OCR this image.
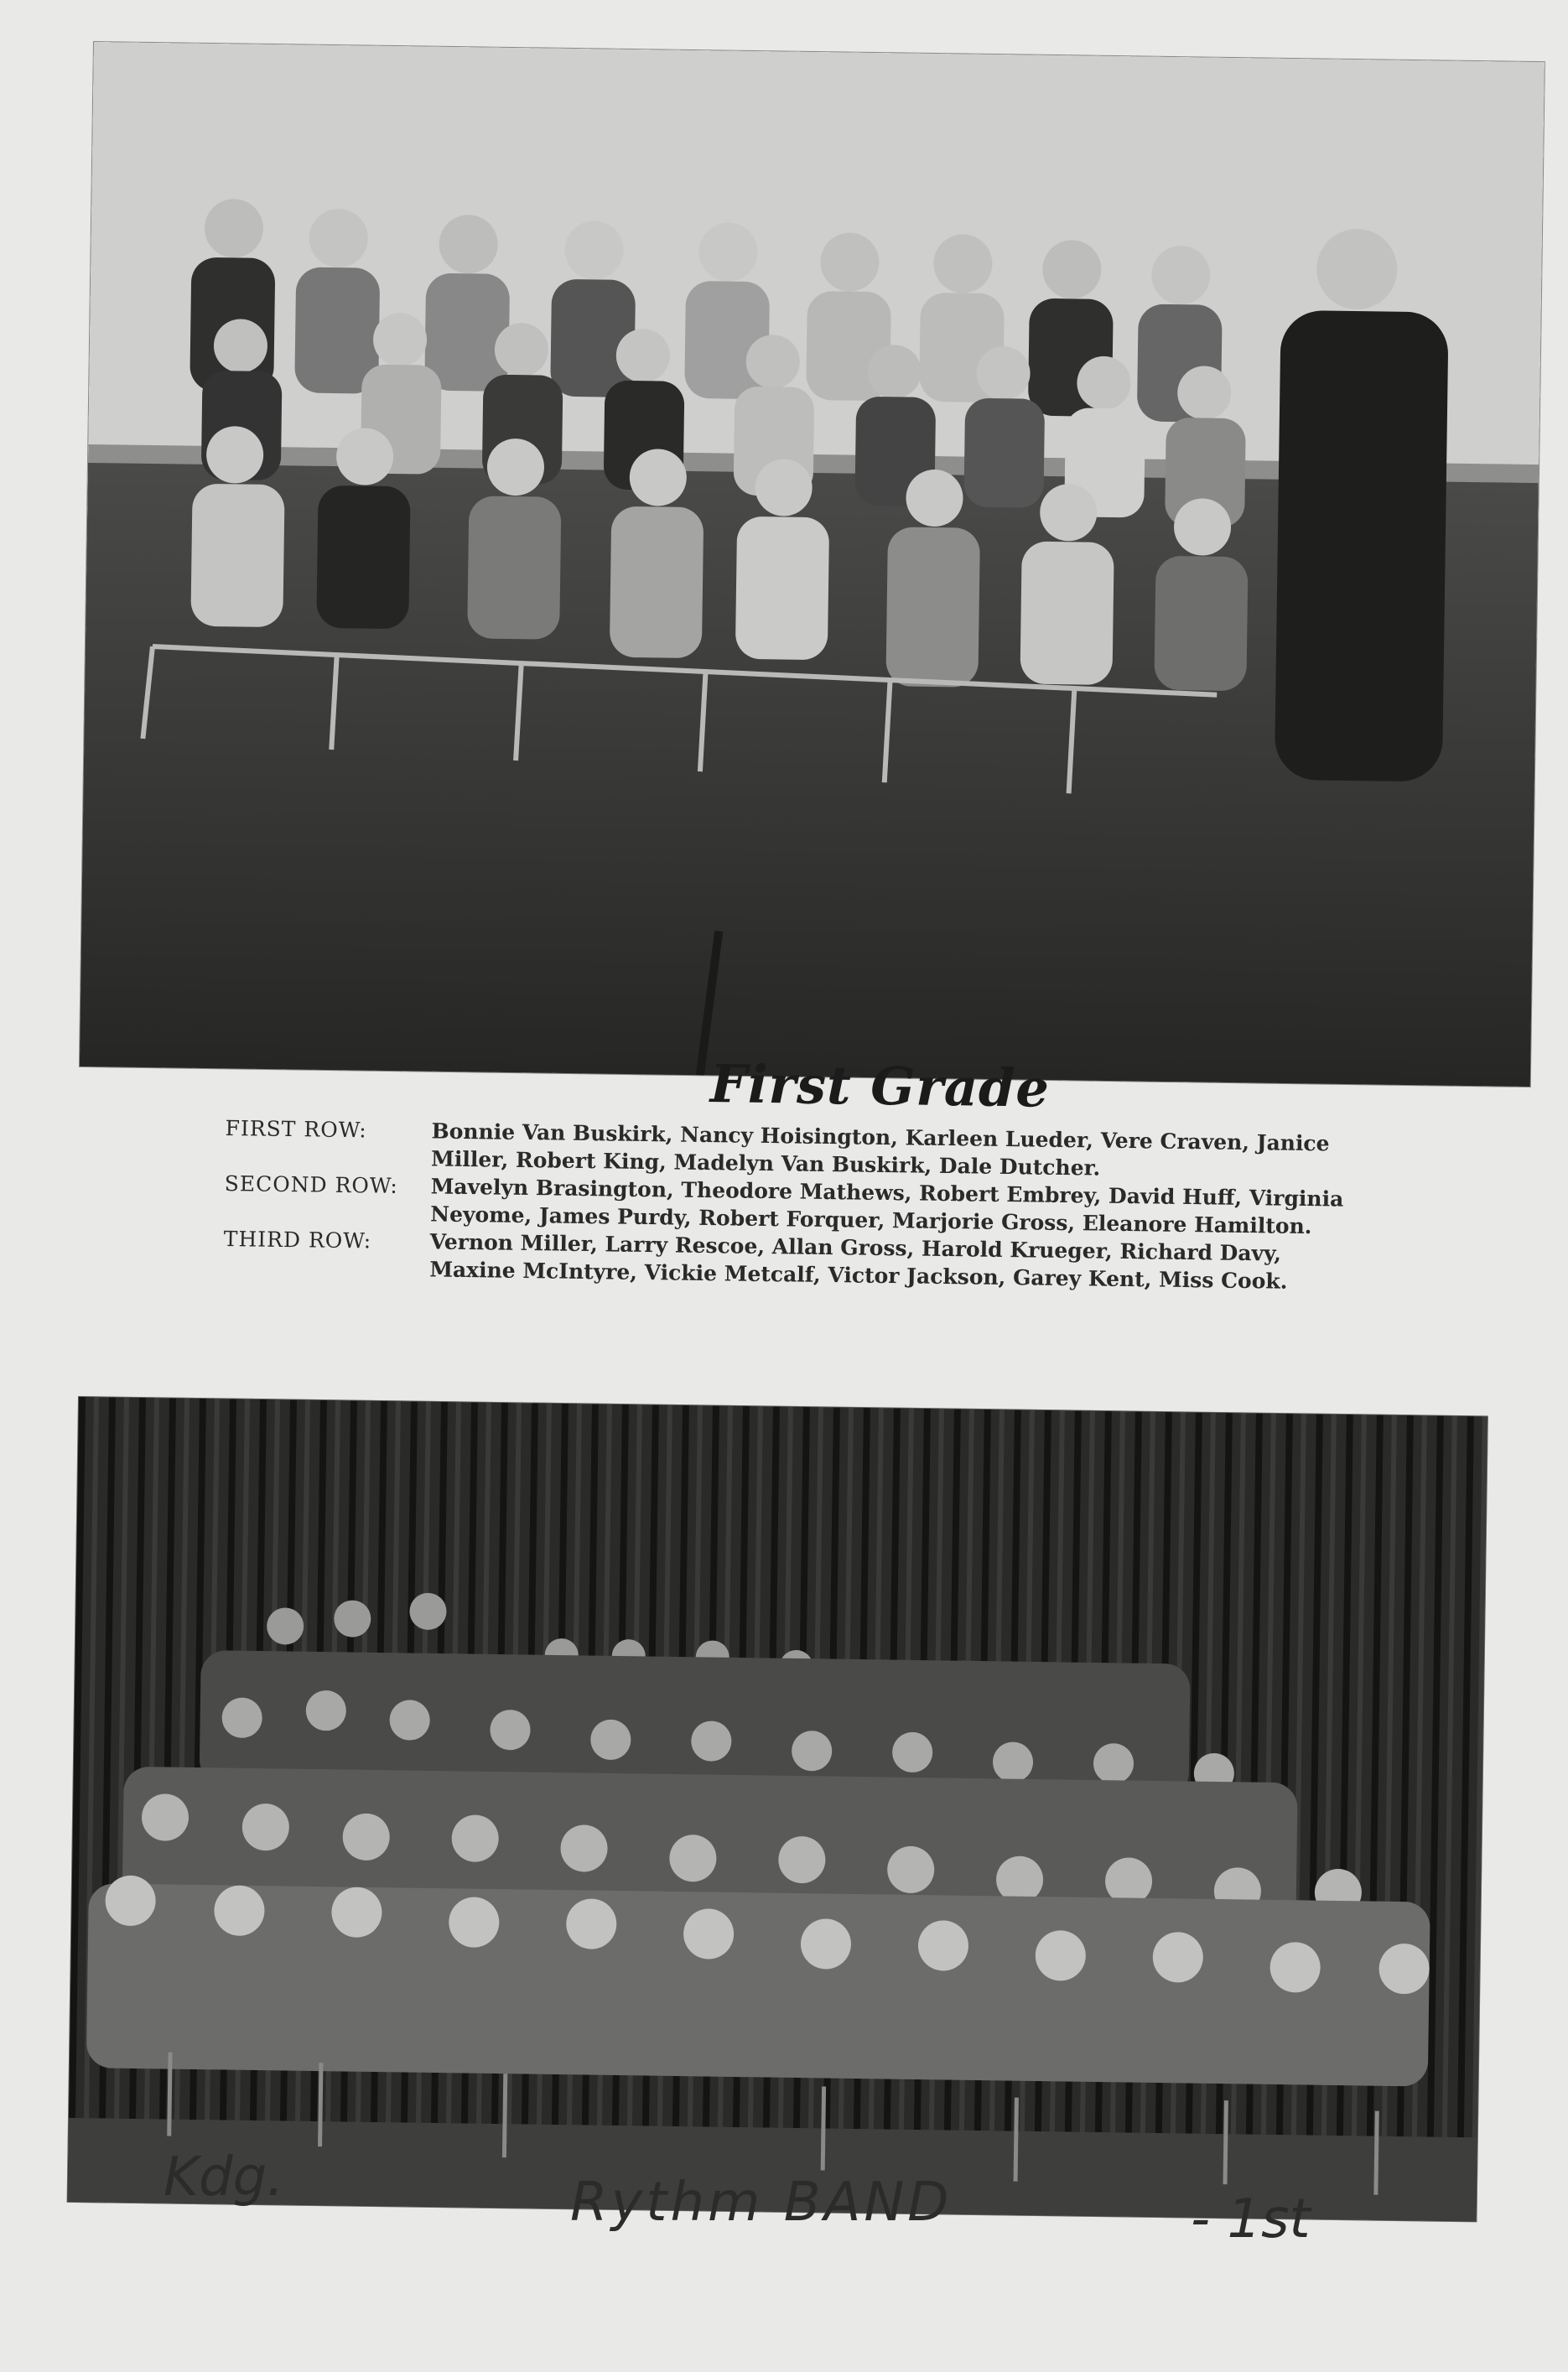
First Grade
FIRST ROW:	Bonnie Van Buskirk, Nancy Hoisington, Karleen Lueder, Vere Craven, Janice
Miller, Robert King, Madelyn Van Buskirk, Dale Dutcher.
SECOND ROW:	Mavelyn Brasington, Theodore Mathews, Robert Embrey, David Huff, Virginia
Neyome, James Purdy, Robert Forquer, Marjorie Gross, Eleanore Hamilton.
THIRD ROW:	Vernon Miller, Larry Rescoe, Allan Gross, Harold Krueger, Richard Davy,
Maxine McIntyre, Vickie Metcalf, Victor Jackson, Garey Kent, Miss Cook.
Kdg.	Rythm BAND	- 1st
